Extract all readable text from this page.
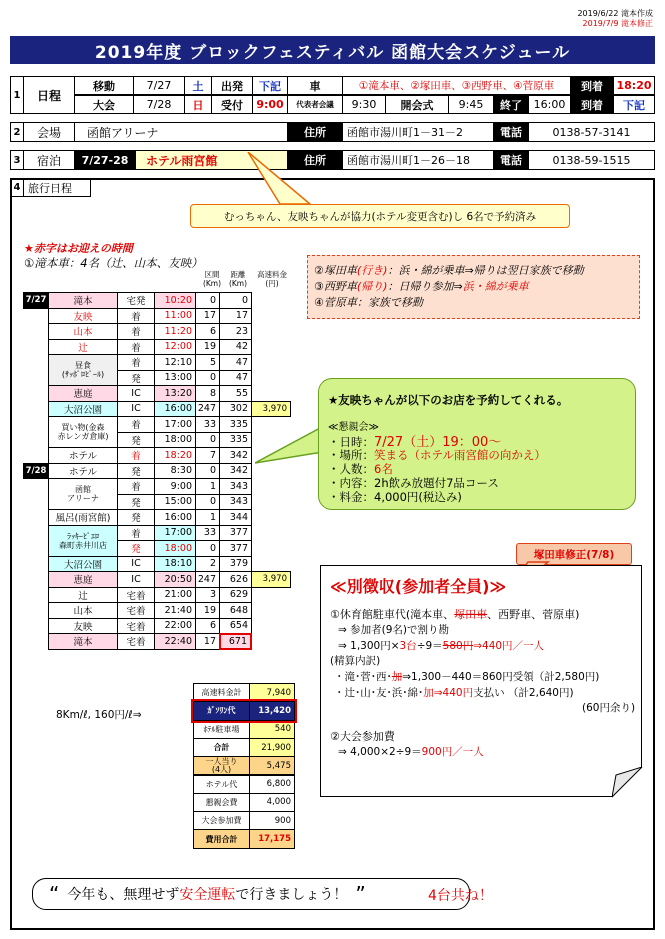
2019/6/22 滝本作成
2019/7/9 滝本修正
2019年度 ブロックフェスティバル 函館大会スケジュール
1	日程
移動	7/27	土	出発	下記	車	①滝本車、②塚田車、③西野車、④菅原車	到着	18:20
大会	7/28	日	受付	9:00	代表者会議	9:30	開会式	9:45	終了	16:00	到着	下記
2	会場	函館アリーナ	住所	函館市湯川町1－31－2	電話	0138-57-3141
3	宿泊	7/27-28	ホテル雨宮館	住所	函館市湯川町1－26－18	電話	0138-59-1515
4 旅行日程
むっちゃん、友映ちゃんが協力(ホテル変更含む)し 6名で予約済み
★赤字はお迎えの時間
①滝本車：4名（辻、山本、友映）
区間
(Km)
距離
(Km)
高速料金
(円)
②塚田車(行き)：浜・綿が乗車⇒帰りは翌日家族で移動
③西野車(帰り)：日帰り参加⇒浜・綿が乗車
④菅原車：家族で移動
7/27	滝本	宅発	10:20	0	0
友映	着	11:00	17	17
山本	着	11:20	6	23
辻	着	12:00	19	42
昼食
(ｻｯﾎﾟﾛﾋﾟｰﾙ)
着	12:10	5	47
発	13:00	0	47
恵庭	IC	13:20	8	55
大沼公園	IC	16:00 247	302	3,970
買い物(金森
赤レンガ倉庫)
着	17:00	33	335
発	18:00	0	335
ホテル	着	18:20	7	342
7/28	ホテル	発	8:30	0	342
函館
アリーナ
着	9:00	1	343
発	15:00	0	343
風呂(雨宮館)	発	16:00	1	344
ﾗｯｷｰﾋﾟｴﾛ
森町赤井川店
着	17:00	33	377
発	18:00	0	377
大沼公園	IC	18:10	2	379
恵庭	IC	20:50 247	626	3,970
辻	宅着	21:00	3	629
山本	宅着	21:40	19	648
友映	宅着	22:00	6	654
滝本	宅着	22:40	17	671
8Km/ℓ, 160円/ℓ⇒
高速料金計	7,940
ｶﾞｿﾘﾝ代	13,420
ﾎﾃﾙ駐車場	540
合計	21,900
一人当り
(4人)	5,475
ホテル代	6,800
懇親会費	4,000
大会参加費	900
費用合計	17,175
★友映ちゃんが以下のお店を予約してくれる。
≪懇親会≫
・日時：7/27（土）19：00～
・場所：笑まる（ホテル雨宮館の向かえ）
・人数：6名
・内容：2h飲み放題付7品コース
・料金：4,000円(税込み)
塚田車修正(7/8)
≪別徴収(参加者全員)≫
①休育館駐車代(滝本車、塚田車、西野車、菅原車)
⇒ 参加者(9名)で割り勘
⇒ 1,300円×3台÷9＝580円⇒440円／一人
(精算内訳)
・滝･菅･西･加⇒1,300－440＝860円受領（計2,580円)
・辻･山･友･浜･綿･加⇒440円支払い （計2,640円)
(60円余り)
②大会参加費
⇒ 4,000×2÷9＝900円／一人
“ 今年も、無理せず 安全運転 で行きましょう！ ”	4台共ね！
